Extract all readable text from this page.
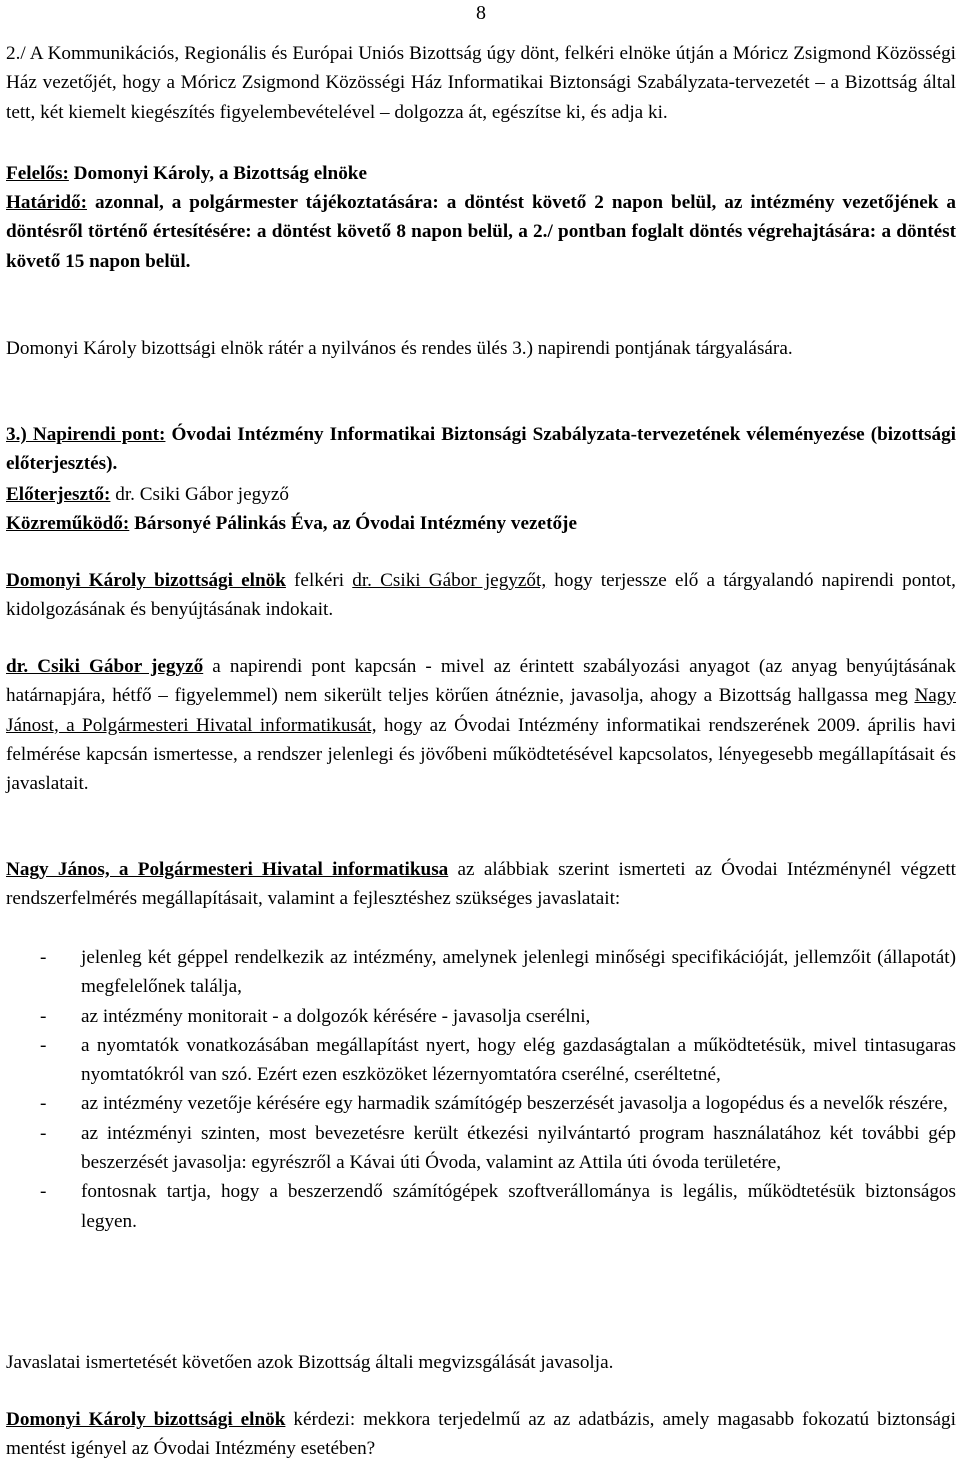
8

2./ A Kommunikációs, Regionális és Európai Uniós Bizottság úgy dönt, felkéri elnöke útján a Móricz Zsigmond Közösségi Ház vezetőjét, hogy a Móricz Zsigmond Közösségi Ház Informatikai Biztonsági Szabályzata-tervezetét – a Bizottság által tett, két kiemelt kiegészítés figyelembevételével – dolgozza át, egészítse ki, és adja ki.

Felelős: Domonyi Károly, a Bizottság elnöke

Határidő: azonnal, a polgármester tájékoztatására: a döntést követő 2 napon belül, az intézmény vezetőjének a döntésről történő értesítésére: a döntést követő 8 napon belül, a 2./ pontban foglalt döntés végrehajtására: a döntést követő 15 napon belül.

Domonyi Károly bizottsági elnök rátér a nyilvános és rendes ülés 3.) napirendi pontjának tárgyalására.

3.) Napirendi pont: Óvodai Intézmény Informatikai Biztonsági Szabályzata-tervezetének véleményezése (bizottsági előterjesztés).

Előterjesztő: dr. Csiki Gábor jegyző

Közreműködő: Bársonyé Pálinkás Éva, az Óvodai Intézmény vezetője

Domonyi Károly bizottsági elnök felkéri dr. Csiki Gábor jegyzőt, hogy terjessze elő a tárgyalandó napirendi pontot, kidolgozásának és benyújtásának indokait.

dr. Csiki Gábor jegyző a napirendi pont kapcsán - mivel az érintett szabályozási anyagot (az anyag benyújtásának határnapjára, hétfő – figyelemmel) nem sikerült teljes körűen átnéznie, javasolja, ahogy a Bizottság hallgassa meg Nagy Jánost, a Polgármesteri Hivatal informatikusát, hogy az Óvodai Intézmény informatikai rendszerének 2009. április havi felmérése kapcsán ismertesse, a rendszer jelenlegi és jövőbeni működtetésével kapcsolatos, lényegesebb megállapításait és javaslatait.

Nagy János, a Polgármesteri Hivatal informatikusa az alábbiak szerint ismerteti az Óvodai Intézménynél végzett rendszerfelmérés megállapításait, valamint a fejlesztéshez szükséges javaslatait:

- jelenleg két géppel rendelkezik az intézmény, amelynek jelenlegi minőségi specifikációját, jellemzőit (állapotát) megfelelőnek találja,
- az intézmény monitorait - a dolgozók kérésére - javasolja cserélni,
- a nyomtatók vonatkozásában megállapítást nyert, hogy elég gazdaságtalan a működtetésük, mivel tintasugaras nyomtatókról van szó. Ezért ezen eszközöket lézernyomtatóra cserélné, cseréltetné,
- az intézmény vezetője kérésére egy harmadik számítógép beszerzését javasolja a logopédus és a nevelők részére,
- az intézményi szinten, most bevezetésre került étkezési nyilvántartó program használatához két további gép beszerzését javasolja: egyrészről a Kávai úti Óvoda, valamint az Attila úti óvoda területére,
- fontosnak tartja, hogy a beszerzendő számítógépek szoftverállománya is legális, működtetésük biztonságos legyen.

Javaslatai ismertetését követően azok Bizottság általi megvizsgálását javasolja.

Domonyi Károly bizottsági elnök kérdezi: mekkora terjedelmű az az adatbázis, amely magasabb fokozatú biztonsági mentést igényel az Óvodai Intézmény esetében?
